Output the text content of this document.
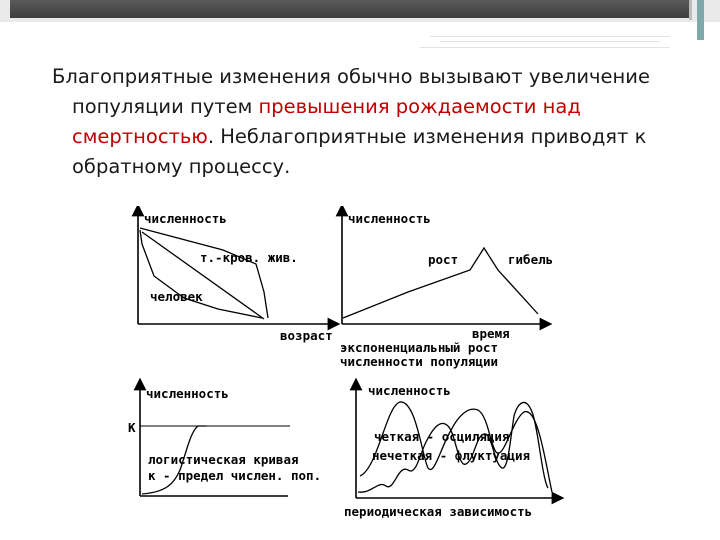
Благоприятные изменения обычно вызывают увеличение
популяции путем превышения рождаемости над
смертностью. Неблагоприятные изменения приводят к
обратному процессу.
численность
возраст
т.-кров. жив.
человек
численность
рост	гибель
время
экспоненциальный рост
численности популяции
численность
К
логистическая кривая
к - предел числен. поп.
численность
четкая - осциляция
нечеткая - флуктуация
периодическая зависимость
